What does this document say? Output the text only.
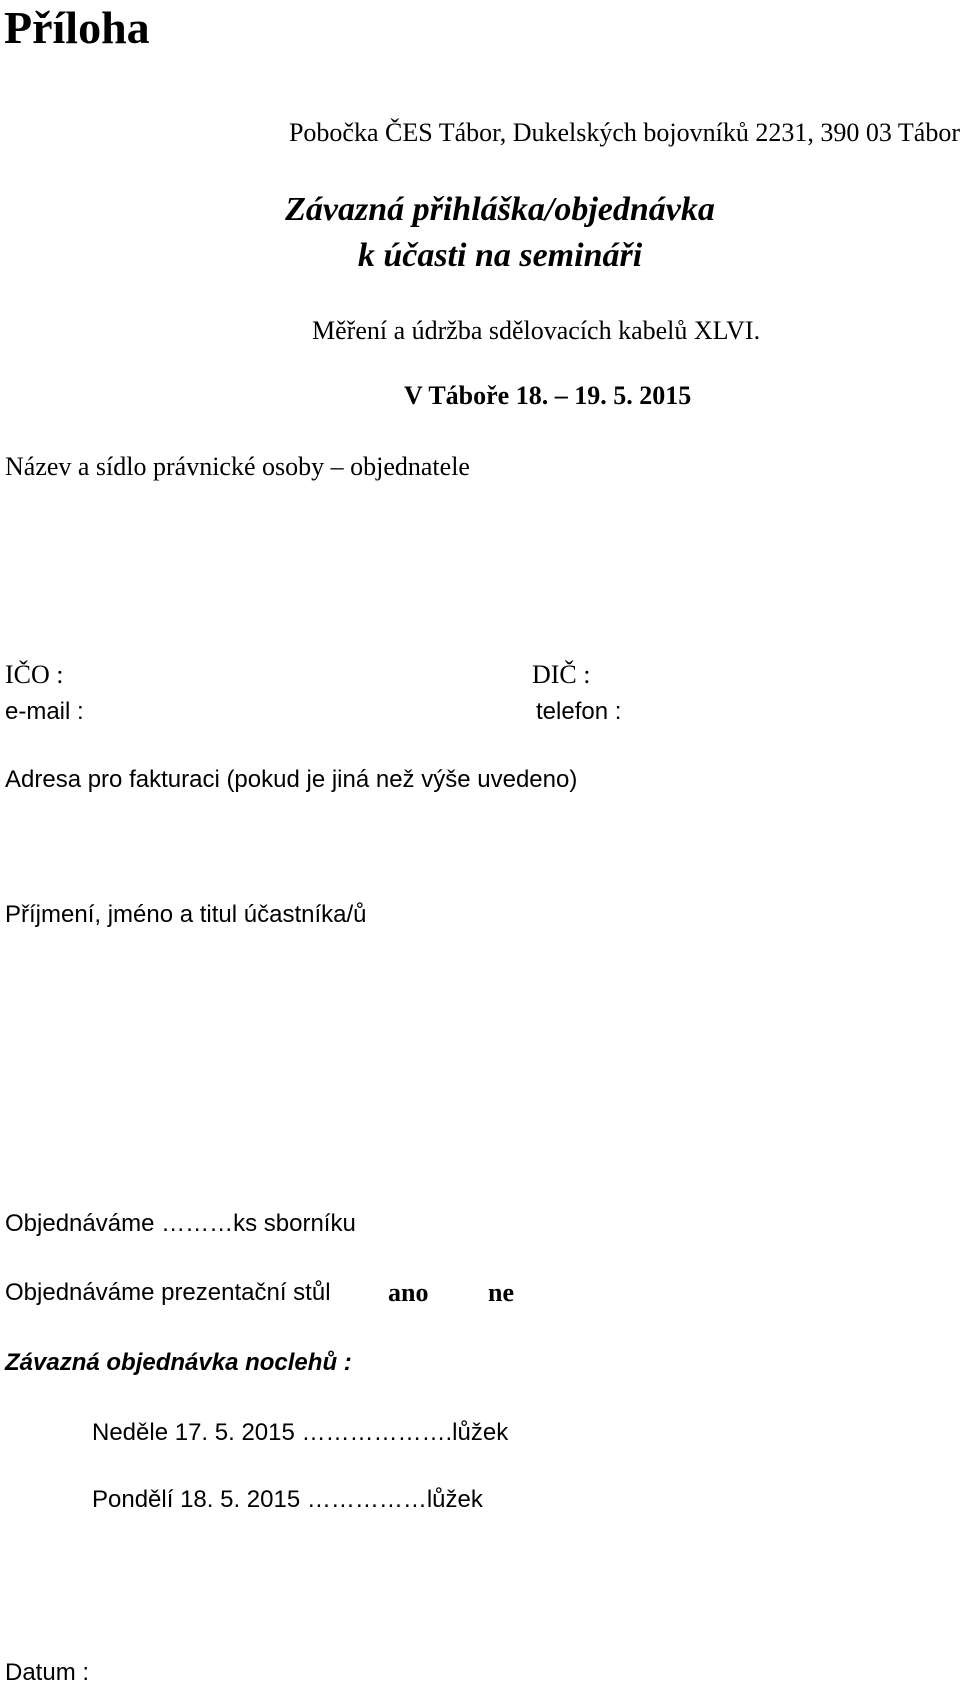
Příloha
Pobočka ČES Tábor, Dukelských bojovníků 2231, 390 03 Tábor
Závazná přihláška/objednávka
k účasti na semináři
Měření a údržba sdělovacích kabelů XLVI.
V Táboře 18. – 19. 5. 2015
Název a sídlo právnické osoby – objednatele
IČO :	DIČ :
e-mail :	telefon :
Adresa pro fakturaci (pokud je jiná než výše uvedeno)
Příjmení, jméno a titul účastníka/ů
Objednáváme ………ks sborníku
Objednáváme prezentační stůl ano ne
Závazná objednávka noclehů :
Neděle 17. 5. 2015 ……………….lůžek
Pondělí 18. 5. 2015 ……………lůžek
Datum :
